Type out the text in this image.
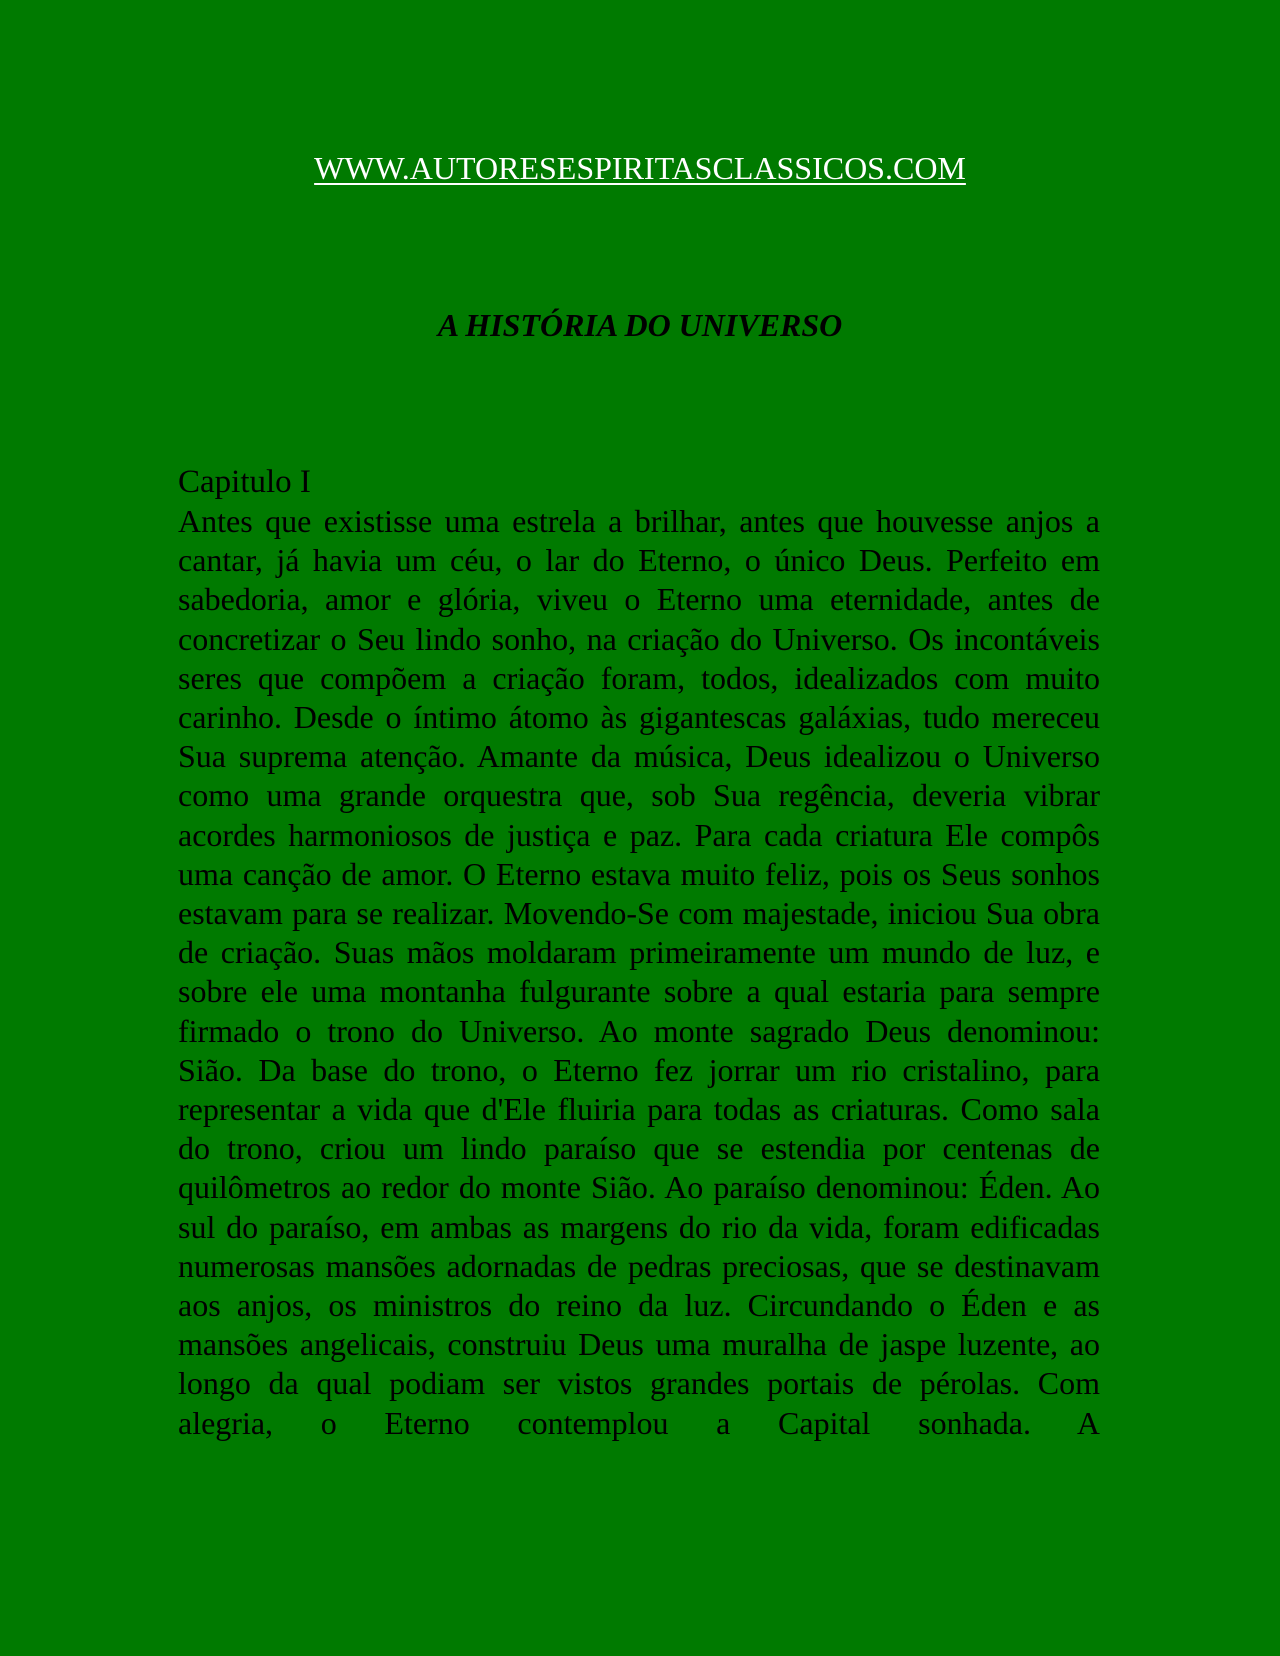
WWW.AUTORESESPIRITASCLASSICOS.COM
A HISTÓRIA DO UNIVERSO
Capitulo I

Antes que existisse uma estrela a brilhar, antes que houvesse anjos a cantar, já havia um céu, o lar do Eterno, o único Deus. Perfeito em sabedoria, amor e glória, viveu o Eterno uma eternidade, antes de concretizar o Seu lindo sonho, na criação do Universo. Os incontáveis seres que compõem a criação foram, todos, idealizados com muito carinho. Desde o íntimo átomo às gigantescas galáxias, tudo mereceu Sua suprema atenção. Amante da música, Deus idealizou o Universo como uma grande orquestra que, sob Sua regência, deveria vibrar acordes harmoniosos de justiça e paz. Para cada criatura Ele compôs uma canção de amor. O Eterno estava muito feliz, pois os Seus sonhos estavam para se realizar. Movendo-Se com majestade, iniciou Sua obra de criação. Suas mãos moldaram primeiramente um mundo de luz, e sobre ele uma montanha fulgurante sobre a qual estaria para sempre firmado o trono do Universo. Ao monte sagrado Deus denominou: Sião. Da base do trono, o Eterno fez jorrar um rio cristalino, para representar a vida que d'Ele fluiria para todas as criaturas. Como sala do trono, criou um lindo paraíso que se estendia por centenas de quilômetros ao redor do monte Sião. Ao paraíso denominou: Éden. Ao sul do paraíso, em ambas as margens do rio da vida, foram edificadas numerosas mansões adornadas de pedras preciosas, que se destinavam aos anjos, os ministros do reino da luz. Circundando o Éden e as mansões angelicais, construiu Deus uma muralha de jaspe luzente, ao longo da qual podiam ser vistos grandes portais de pérolas. Com alegria, o Eterno contemplou a Capital sonhada. A
